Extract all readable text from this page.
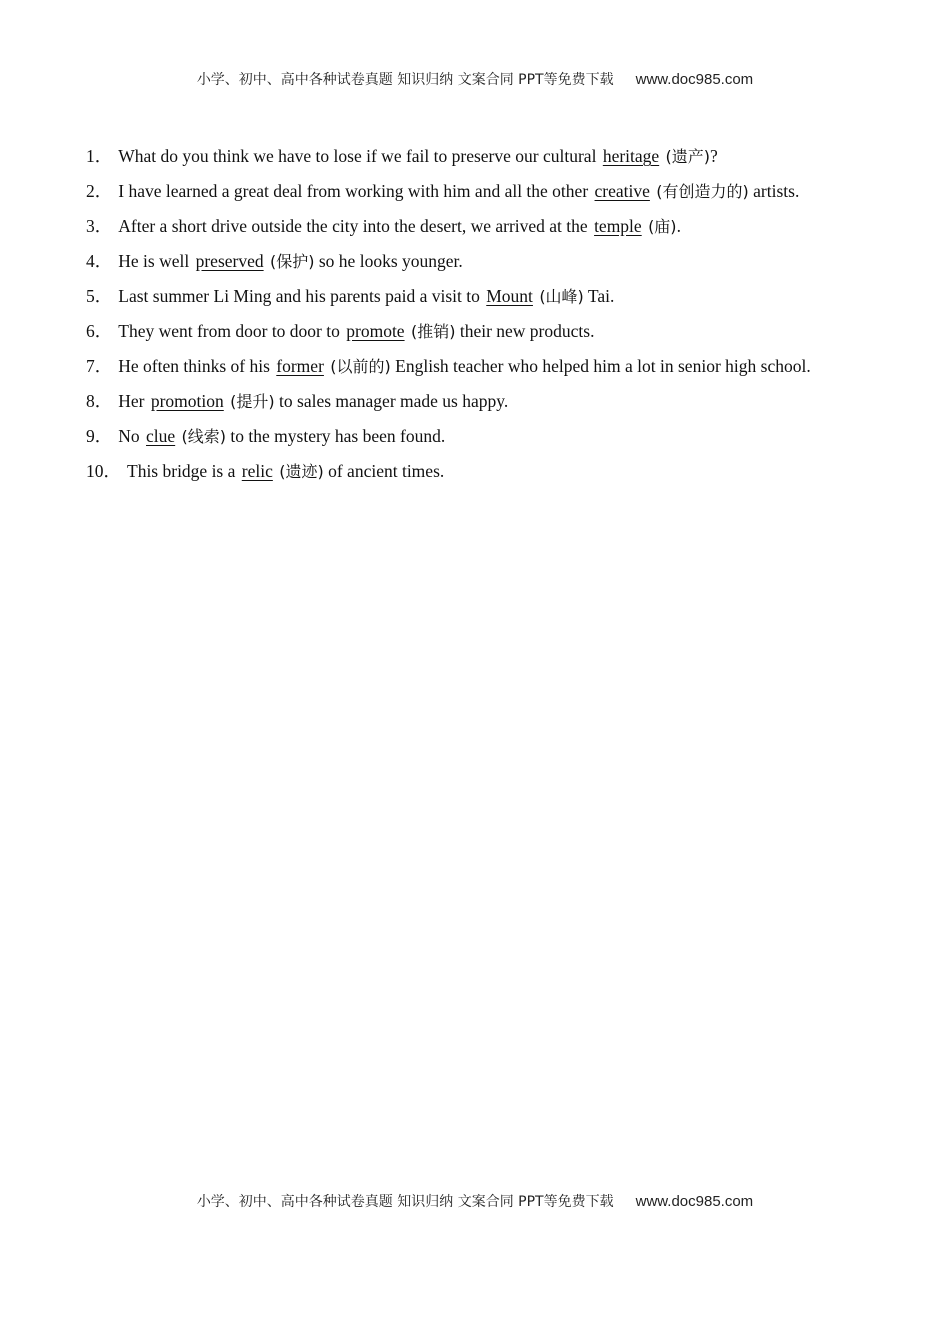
小学、初中、高中各种试卷真题 知识归纳 文案合同 PPT等免费下载 www.doc985.com

1． What do you think we have to lose if we fail to preserve our cultural heritage (遗产)?

2． I have learned a great deal from working with him and all the other creative (有创造力的) artists.

3． After a short drive outside the city into the desert, we arrived at the temple (庙).

4． He is well preserved (保护) so he looks younger.

5． Last summer Li Ming and his parents paid a visit to Mount (山峰) Tai.

6． They went from door to door to promote (推销) their new products.

7． He often thinks of his former (以前的) English teacher who helped him a lot in senior high school.

8． Her promotion (提升) to sales manager made us happy.

9． No clue (线索) to the mystery has been found.

10． This bridge is a relic (遗迹) of ancient times.

小学、初中、高中各种试卷真题 知识归纳 文案合同 PPT等免费下载 www.doc985.com
